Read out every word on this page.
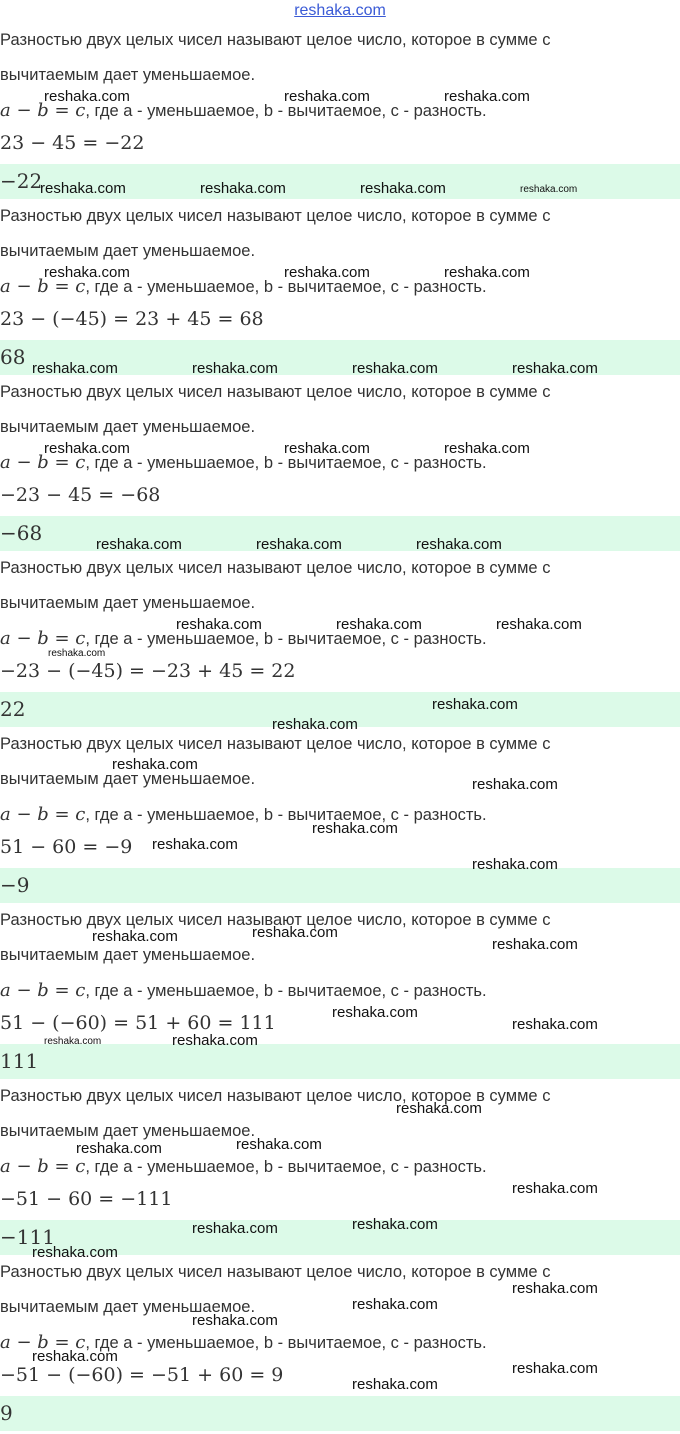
reshaka.com
Разностью двух целых чисел называют целое число, которое в сумме с
вычитаемым дает уменьшаемое.
a − b = c, где a - уменьшаемое, b - вычитаемое, c - разность.
23 − 45 = −22
−22
Разностью двух целых чисел называют целое число, которое в сумме с
вычитаемым дает уменьшаемое.
a − b = c, где a - уменьшаемое, b - вычитаемое, c - разность.
23 − (−45) = 23 + 45 = 68
68
Разностью двух целых чисел называют целое число, которое в сумме с
вычитаемым дает уменьшаемое.
a − b = c, где a - уменьшаемое, b - вычитаемое, c - разность.
−23 − 45 = −68
−68
Разностью двух целых чисел называют целое число, которое в сумме с
вычитаемым дает уменьшаемое.
a − b = c, где a - уменьшаемое, b - вычитаемое, c - разность.
−23 − (−45) = −23 + 45 = 22
22
Разностью двух целых чисел называют целое число, которое в сумме с
вычитаемым дает уменьшаемое.
a − b = c, где a - уменьшаемое, b - вычитаемое, c - разность.
51 − 60 = −9
−9
Разностью двух целых чисел называют целое число, которое в сумме с
вычитаемым дает уменьшаемое.
a − b = c, где a - уменьшаемое, b - вычитаемое, c - разность.
51 − (−60) = 51 + 60 = 111
111
Разностью двух целых чисел называют целое число, которое в сумме с
вычитаемым дает уменьшаемое.
a − b = c, где a - уменьшаемое, b - вычитаемое, c - разность.
−51 − 60 = −111
−111
Разностью двух целых чисел называют целое число, которое в сумме с
вычитаемым дает уменьшаемое.
a − b = c, где a - уменьшаемое, b - вычитаемое, c - разность.
−51 − (−60) = −51 + 60 = 9
9
reshaka.com	reshaka.com	reshaka.com
reshaka.com	reshaka.com	reshaka.com	reshaka.com
reshaka.com	reshaka.com	reshaka.com
reshaka.com	reshaka.com	reshaka.com	reshaka.com
reshaka.com	reshaka.com	reshaka.com
reshaka.com	reshaka.com	reshaka.com
reshaka.com	reshaka.com	reshaka.com
reshaka.com
reshaka.com
reshaka.com
reshaka.com
reshaka.com
reshaka.com
reshaka.com
reshaka.com
reshaka.com	reshaka.com
reshaka.com
reshaka.com
reshaka.com
reshaka.com	reshaka.com
reshaka.com
reshaka.com	reshaka.com
reshaka.com
reshaka.com	reshaka.com
reshaka.com
reshaka.com
reshaka.com
reshaka.com
reshaka.com
reshaka.com
reshaka.com
